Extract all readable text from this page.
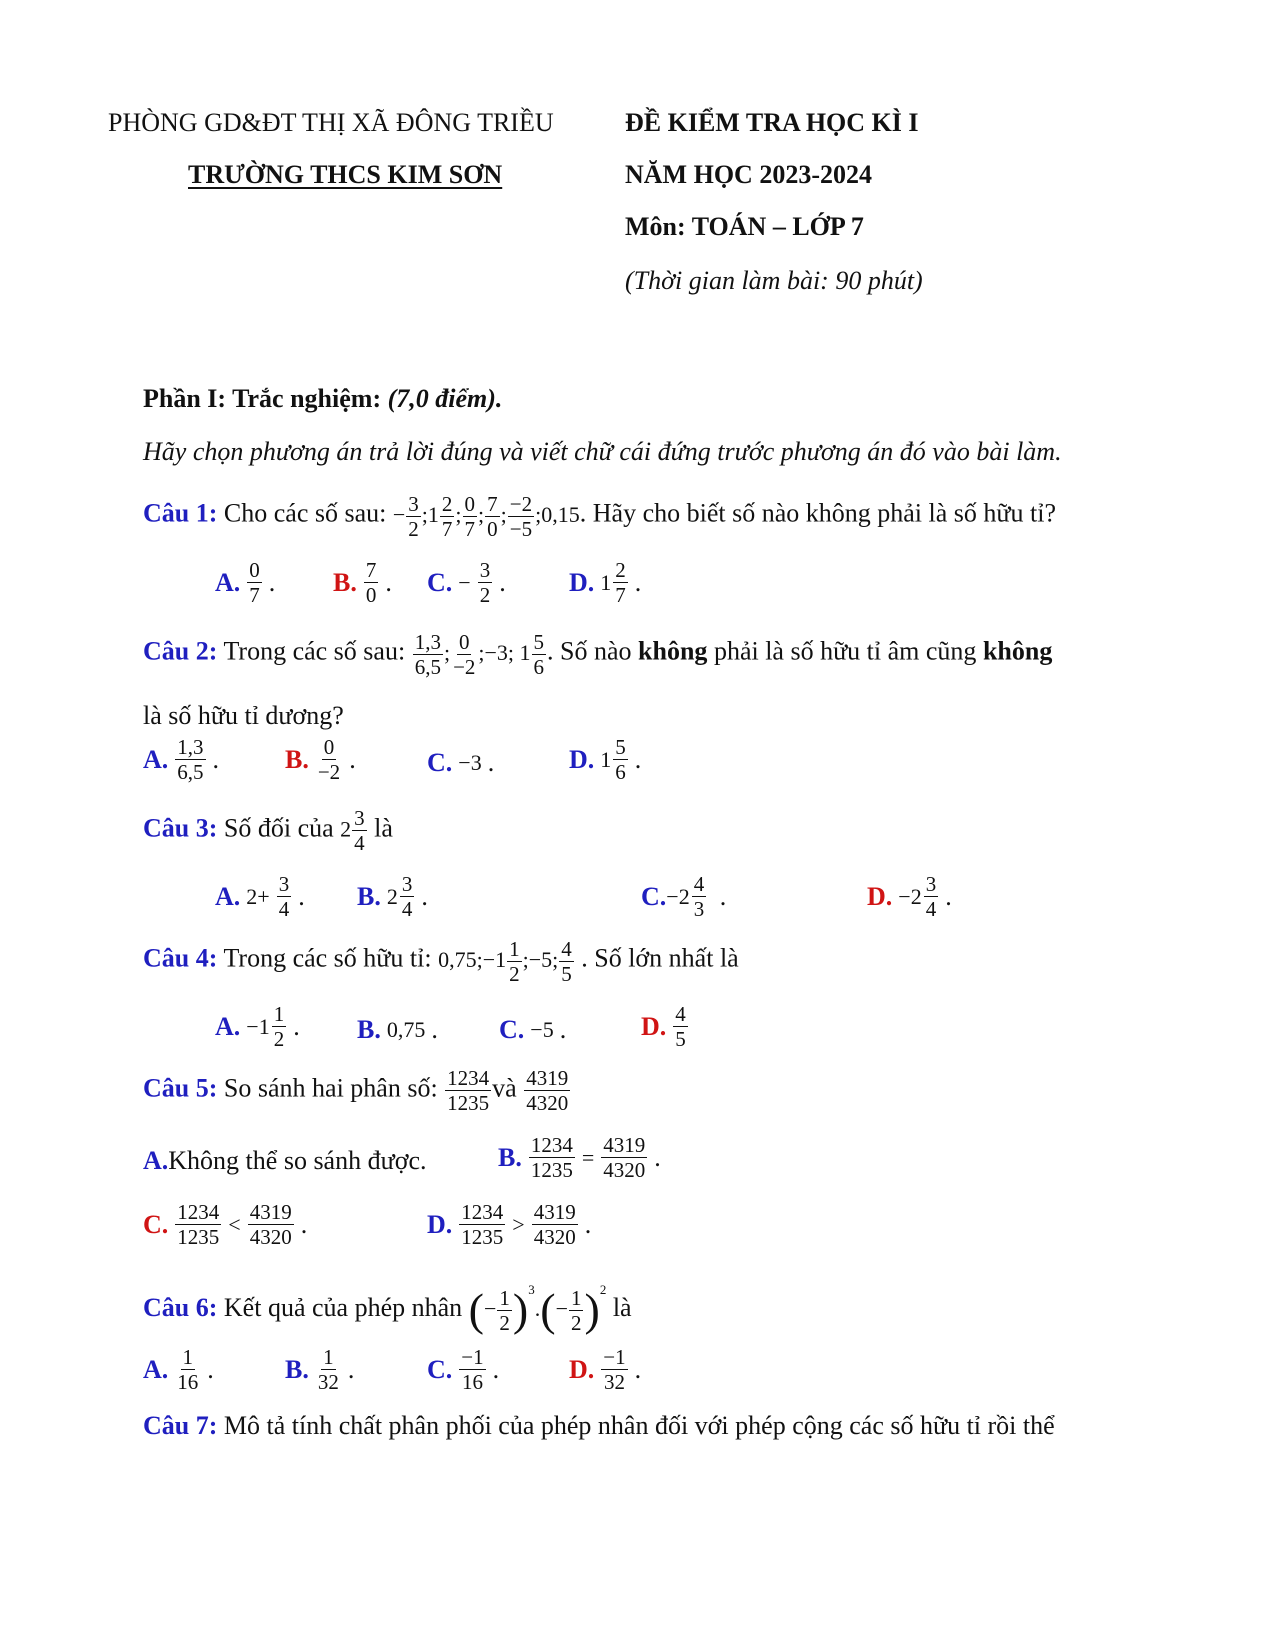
PHÒNG GD&ĐT THỊ XÃ ĐÔNG TRIỀU
TRƯỜNG THCS KIM SƠN
ĐỀ KIỂM TRA HỌC KÌ I
NĂM HỌC 2023-2024
Môn: TOÁN – LỚP 7
(Thời gian làm bài: 90 phút)
Phần I: Trắc nghiệm: (7,0 điểm).
Hãy chọn phương án trả lời đúng và viết chữ cái đứng trước phương án đó vào bài làm.
Câu 1: Cho các số sau: − $\frac{3}{2}$ ;1 $\frac{2}{7}$ ; $\frac{0}{7}$ ; $\frac{7}{0}$ ; $\frac{-2}{-5}$ ;0,15. Hãy cho biết số nào không phải là số hữu tỉ?
A. $\frac{0}{7}$ . B. $\frac{7}{0}$ . C. − $\frac{3}{2}$ . D. $1 \frac{2}{7}$ .
Câu 2: Trong các số sau: $\frac{1,3}{6,5}$ ; $\frac{0}{-2}$ ;−3; $1 \frac{5}{6}$ . Số nào không phải là số hữu tỉ âm cũng không
là số hữu tỉ dương?
A. $\frac{1,3}{6,5}$ .	B. $\frac{0}{-2}$ .	C. −3 .	D. $1 \frac{5}{6}$ .
Câu 3: Số đối của $2 \frac{3}{4}$ là
A. $2+ \frac{3}{4}$ . B. $2 \frac{3}{4}$ .	C. $-2 \frac{4}{3}$ .	D. $-2 \frac{3}{4}$ .
Câu 4: Trong các số hữu tỉ: 0,75;−1 $\frac{1}{2}$ ;−5; $\frac{4}{5}$ . Số lớn nhất là
A. $-1 \frac{1}{2}$ . B. 0,75 . C. −5 .	D. $\frac{4}{5}$
Câu 5: So sánh hai phân số: $\frac{1234}{1235}$ và $\frac{4319}{4320}$
A.Không thể so sánh được.	B. $\frac{1234}{1235} = \frac{4319}{4320}$ .
C. $\frac{1234}{1235} < \frac{4319}{4320}$ .	D. $\frac{1234}{1235} > \frac{4319}{4320}$ .
Câu 6: Kết quả của phép nhân (− $\frac{1}{2} )^3.(- \frac{1}{2} )^2$ là
A. $\frac{1}{16}$ .	B. $\frac{1}{32}$ .	C. $\frac{-1}{16}$ .	D. $\frac{-1}{32}$ .
Câu 7: Mô tả tính chất phân phối của phép nhân đối với phép cộng các số hữu tỉ rồi thể
